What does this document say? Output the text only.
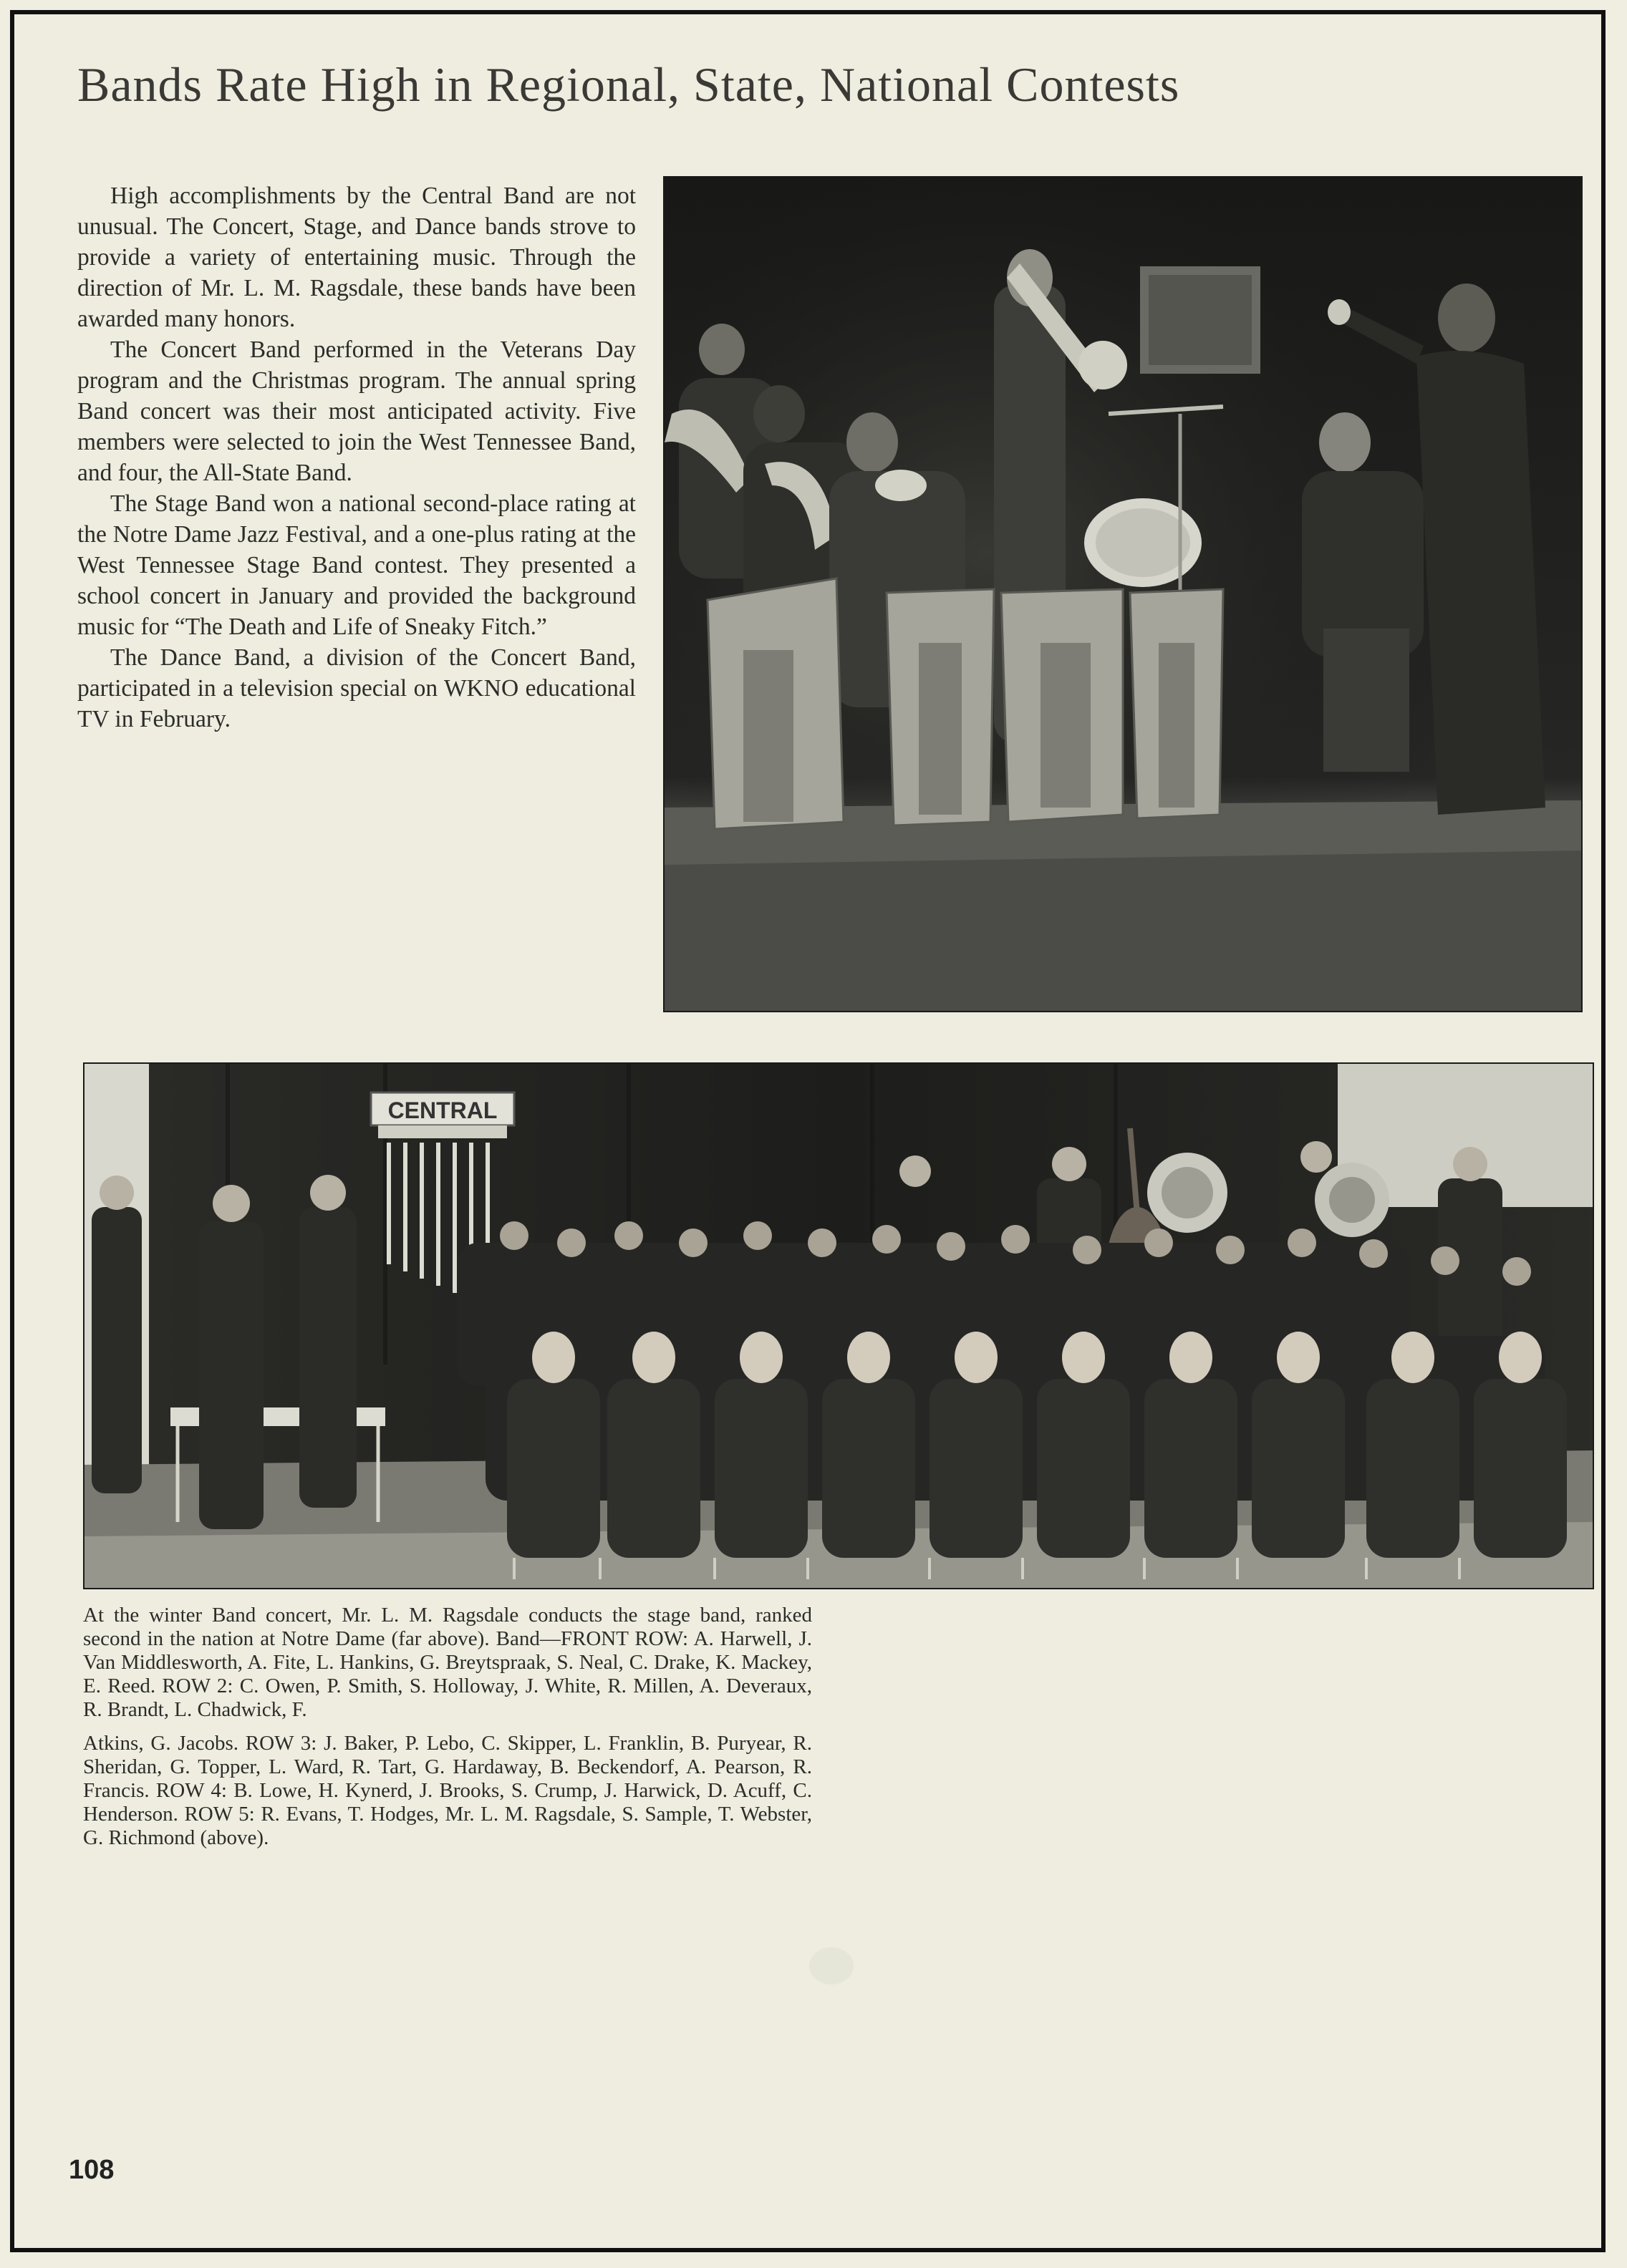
Bands Rate High in Regional, State, National Contests

High accomplishments by the Central Band are not unusual. The Concert, Stage, and Dance bands strove to provide a variety of entertaining music. Through the direction of Mr. L. M. Ragsdale, these bands have been awarded many honors.

The Concert Band performed in the Veterans Day program and the Christmas program. The annual spring Band concert was their most anticipated activity. Five members were selected to join the West Tennessee Band, and four, the All-State Band.

The Stage Band won a national second-place rating at the Notre Dame Jazz Festival, and a one-plus rating at the West Tennessee Stage Band contest. They presented a school concert in January and provided the background music for “The Death and Life of Sneaky Fitch.”

The Dance Band, a division of the Concert Band, participated in a television special on WKNO educational TV in February.

CENTRAL

At the winter Band concert, Mr. L. M. Ragsdale conducts the stage band, ranked second in the nation at Notre Dame (far above). Band—FRONT ROW: A. Harwell, J. Van Middlesworth, A. Fite, L. Hankins, G. Breytspraak, S. Neal, C. Drake, K. Mackey, E. Reed. ROW 2: C. Owen, P. Smith, S. Holloway, J. White, R. Millen, A. Deveraux, R. Brandt, L. Chadwick, F.

Atkins, G. Jacobs. ROW 3: J. Baker, P. Lebo, C. Skipper, L. Franklin, B. Puryear, R. Sheridan, G. Topper, L. Ward, R. Tart, G. Hardaway, B. Beckendorf, A. Pearson, R. Francis. ROW 4: B. Lowe, H. Kynerd, J. Brooks, S. Crump, J. Harwick, D. Acuff, C. Henderson. ROW 5: R. Evans, T. Hodges, Mr. L. M. Ragsdale, S. Sample, T. Webster, G. Richmond (above).

108
